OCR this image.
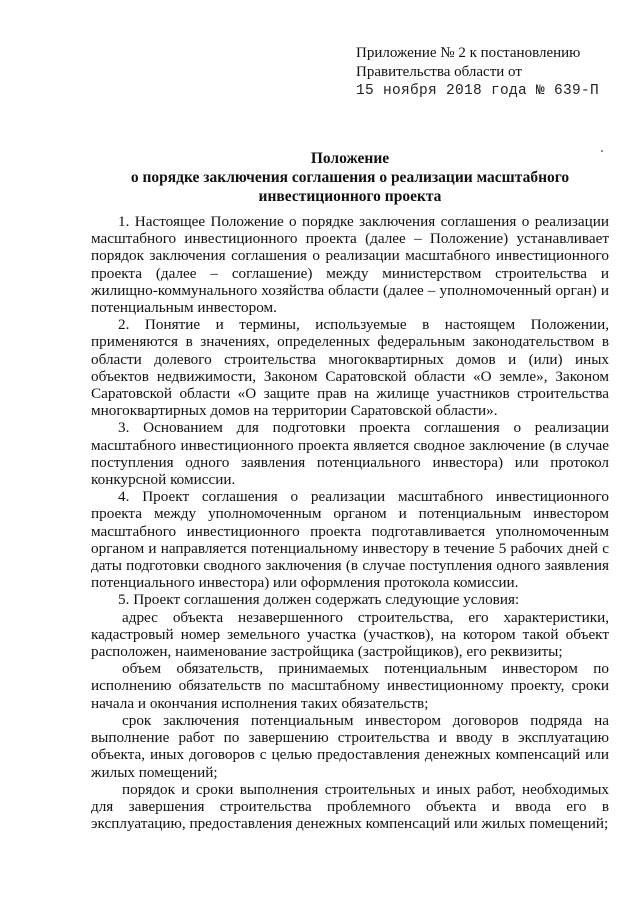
Приложение № 2 к постановлению
Правительства области от
15 ноября 2018 года № 639-П
Положение
о порядке заключения соглашения о реализации масштабного
инвестиционного проекта

1. Настоящее Положение о порядке заключения соглашения о реализации масштабного инвестиционного проекта (далее – Положение) устанавливает порядок заключения соглашения о реализации масштабного инвестиционного проекта (далее – соглашение) между министерством строительства и жилищно-коммунального хозяйства области (далее – уполномоченный орган) и потенциальным инвестором.

2. Понятие и термины, используемые в настоящем Положении, применяются в значениях, определенных федеральным законодательством в области долевого строительства многоквартирных домов и (или) иных объектов недвижимости, Законом Саратовской области «О земле», Законом Саратовской области «О защите прав на жилище участников строительства многоквартирных домов на территории Саратовской области».

3. Основанием для подготовки проекта соглашения о реализации масштабного инвестиционного проекта является сводное заключение (в случае поступления одного заявления потенциального инвестора) или протокол конкурсной комиссии.

4. Проект соглашения о реализации масштабного инвестиционного проекта между уполномоченным органом и потенциальным инвестором масштабного инвестиционного проекта подготавливается уполномоченным органом и направляется потенциальному инвестору в течение 5 рабочих дней с даты подготовки сводного заключения (в случае поступления одного заявления потенциального инвестора) или оформления протокола комиссии.

5. Проект соглашения должен содержать следующие условия:

адрес объекта незавершенного строительства, его характеристики, кадастровый номер земельного участка (участков), на котором такой объект расположен, наименование застройщика (застройщиков), его реквизиты;

объем обязательств, принимаемых потенциальным инвестором по исполнению обязательств по масштабному инвестиционному проекту, сроки начала и окончания исполнения таких обязательств;

срок заключения потенциальным инвестором договоров подряда на выполнение работ по завершению строительства и вводу в эксплуатацию объекта, иных договоров с целью предоставления денежных компенсаций или жилых помещений;

порядок и сроки выполнения строительных и иных работ, необходимых для завершения строительства проблемного объекта и ввода его в эксплуатацию, предоставления денежных компенсаций или жилых помещений;
